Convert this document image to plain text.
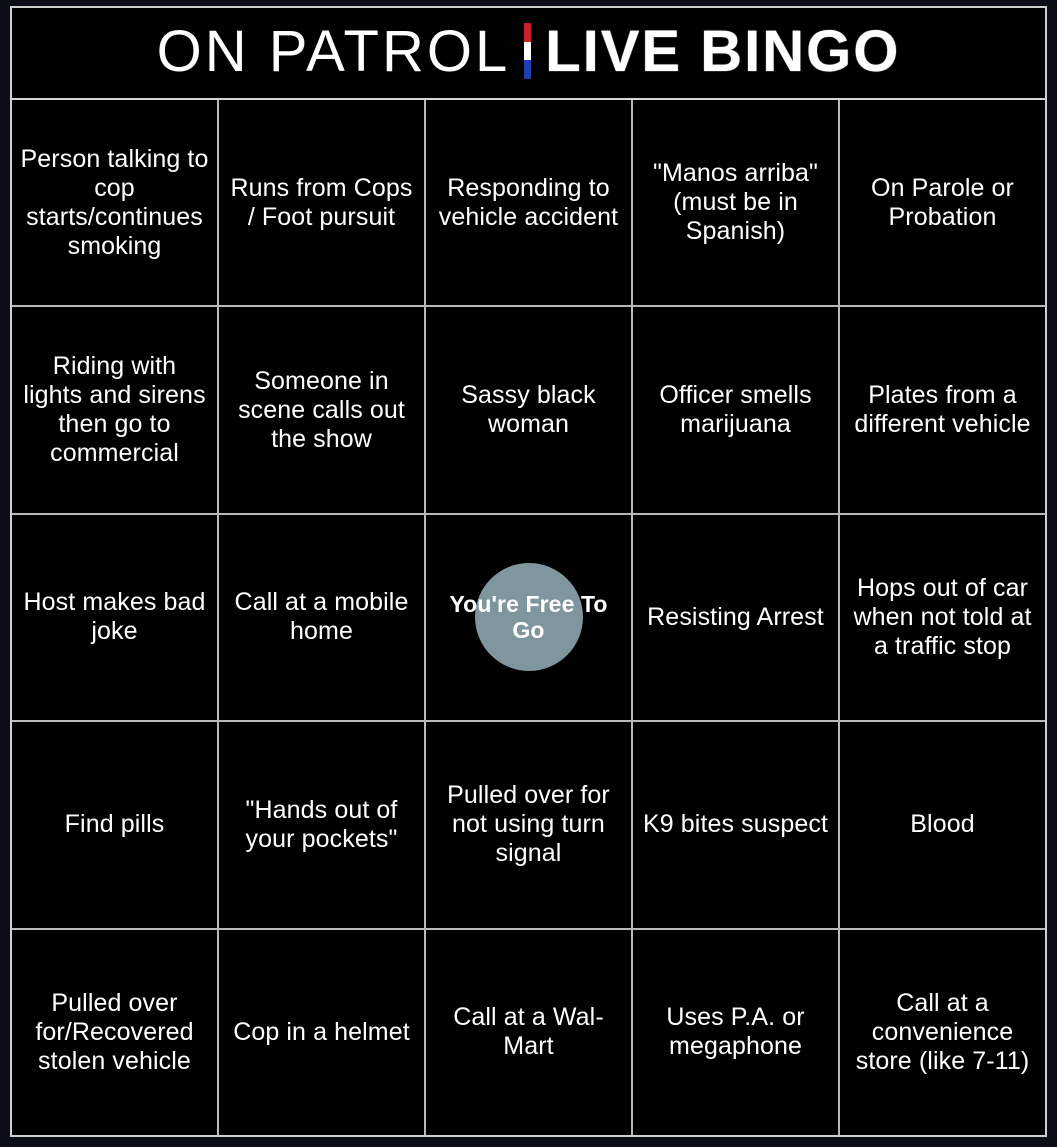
ON PATROL LIVE BINGO
Person talking to cop starts/continues smoking
Runs from Cops / Foot pursuit
Responding to vehicle accident
"Manos arriba" (must be in Spanish)
On Parole or Probation
Riding with lights and sirens then go to commercial
Someone in scene calls out the show
Sassy black woman
Officer smells marijuana
Plates from a different vehicle
Host makes bad joke
Call at a mobile home
You're Free To Go	Resisting Arrest
Hops out of car when not told at a traffic stop
Find pills
"Hands out of your pockets"
Pulled over for not using turn signal
K9 bites suspect	Blood
Pulled over for/Recovered stolen vehicle
Cop in a helmet
Call at a Wal-Mart
Uses P.A. or megaphone
Call at a convenience store (like 7-11)
